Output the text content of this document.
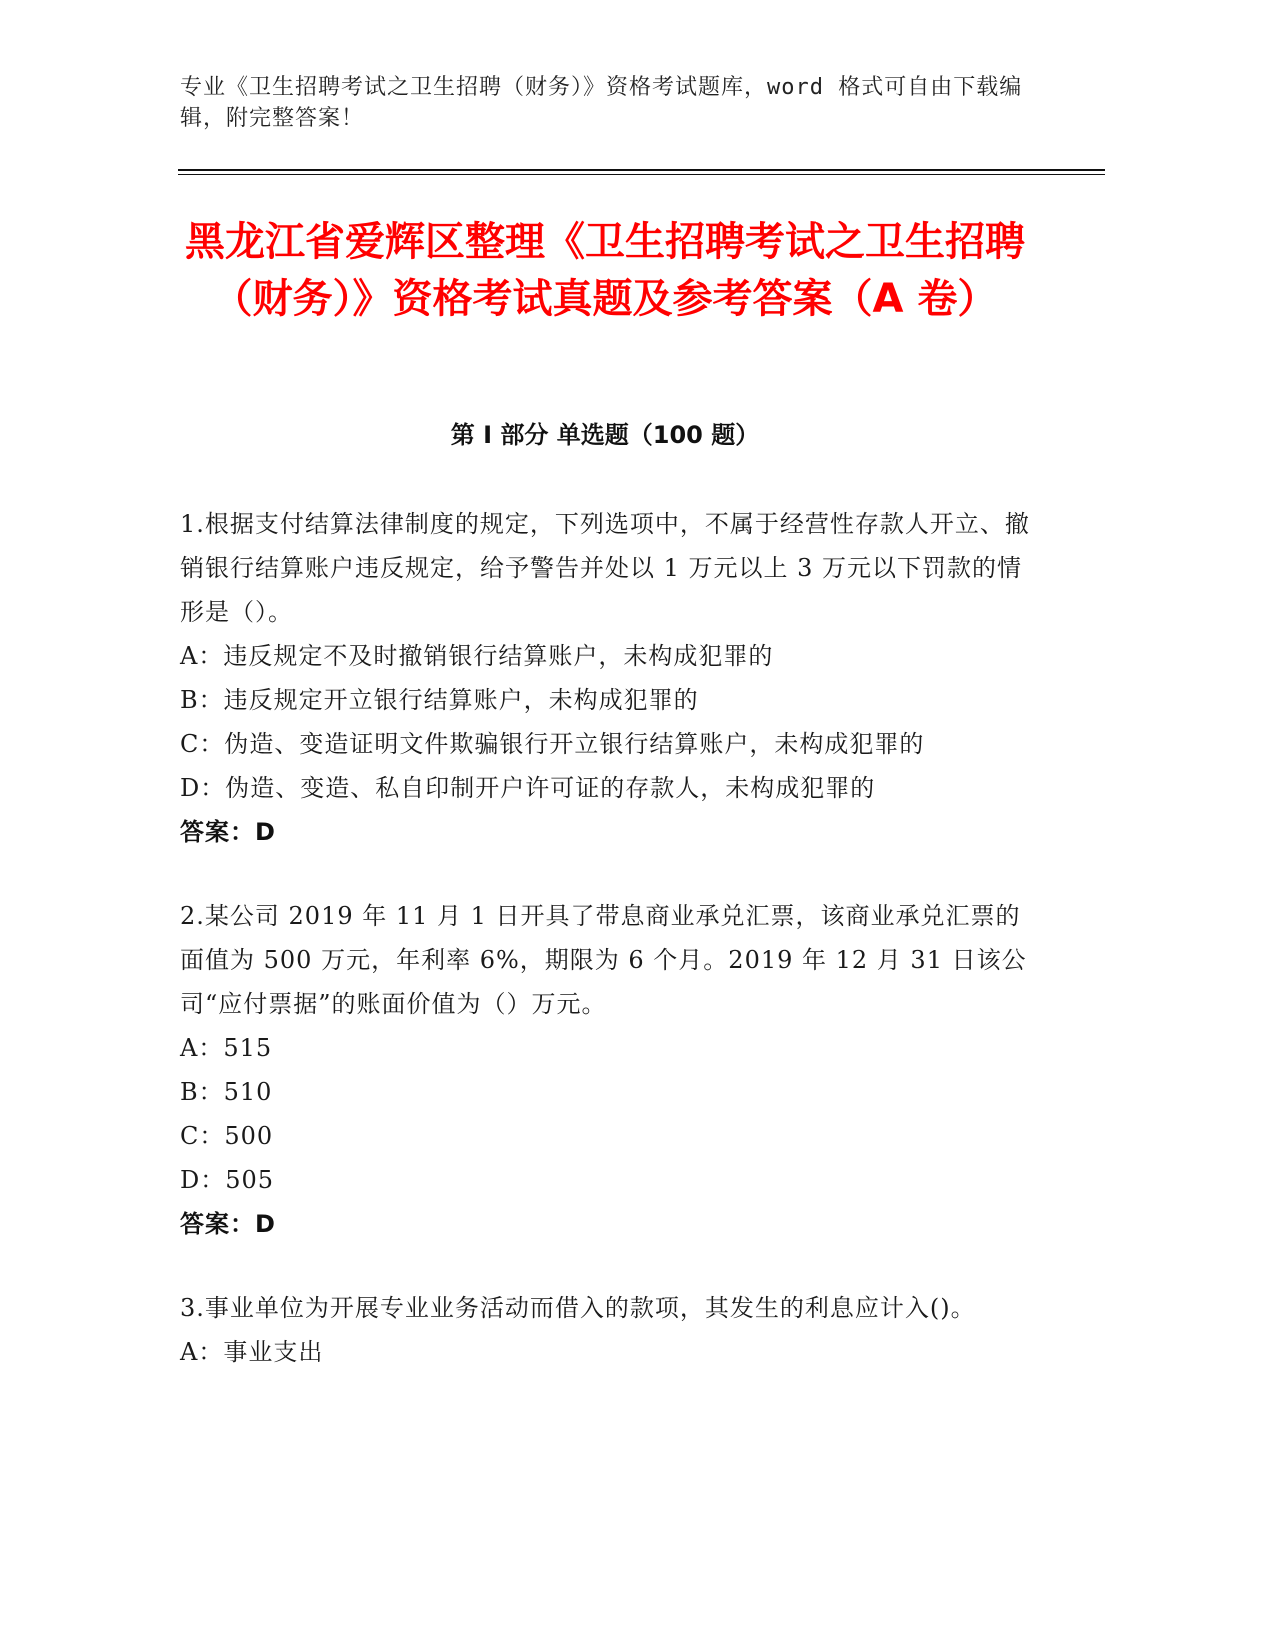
专业《卫生招聘考试之卫生招聘（财务）》资格考试题库，word 格式可自由下载编辑，附完整答案！
黑龙江省爱辉区整理《卫生招聘考试之卫生招聘（财务）》资格考试真题及参考答案（A 卷）
第 I 部分 单选题（100 题）

1.根据支付结算法律制度的规定，下列选项中，不属于经营性存款人开立、撤销银行结算账户违反规定，给予警告并处以 1 万元以上 3 万元以下罚款的情形是（）。

A：违反规定不及时撤销银行结算账户，未构成犯罪的
B：违反规定开立银行结算账户，未构成犯罪的
C：伪造、变造证明文件欺骗银行开立银行结算账户，未构成犯罪的
D：伪造、变造、私自印制开户许可证的存款人，未构成犯罪的
答案：D

2.某公司 2019 年 11 月 1 日开具了带息商业承兑汇票，该商业承兑汇票的面值为 500 万元，年利率 6%，期限为 6 个月。2019 年 12 月 31 日该公司“应付票据”的账面价值为（）万元。

A：515
B：510
C：500
D：505
答案：D

3.事业单位为开展专业业务活动而借入的款项，其发生的利息应计入()。

A：事业支出
